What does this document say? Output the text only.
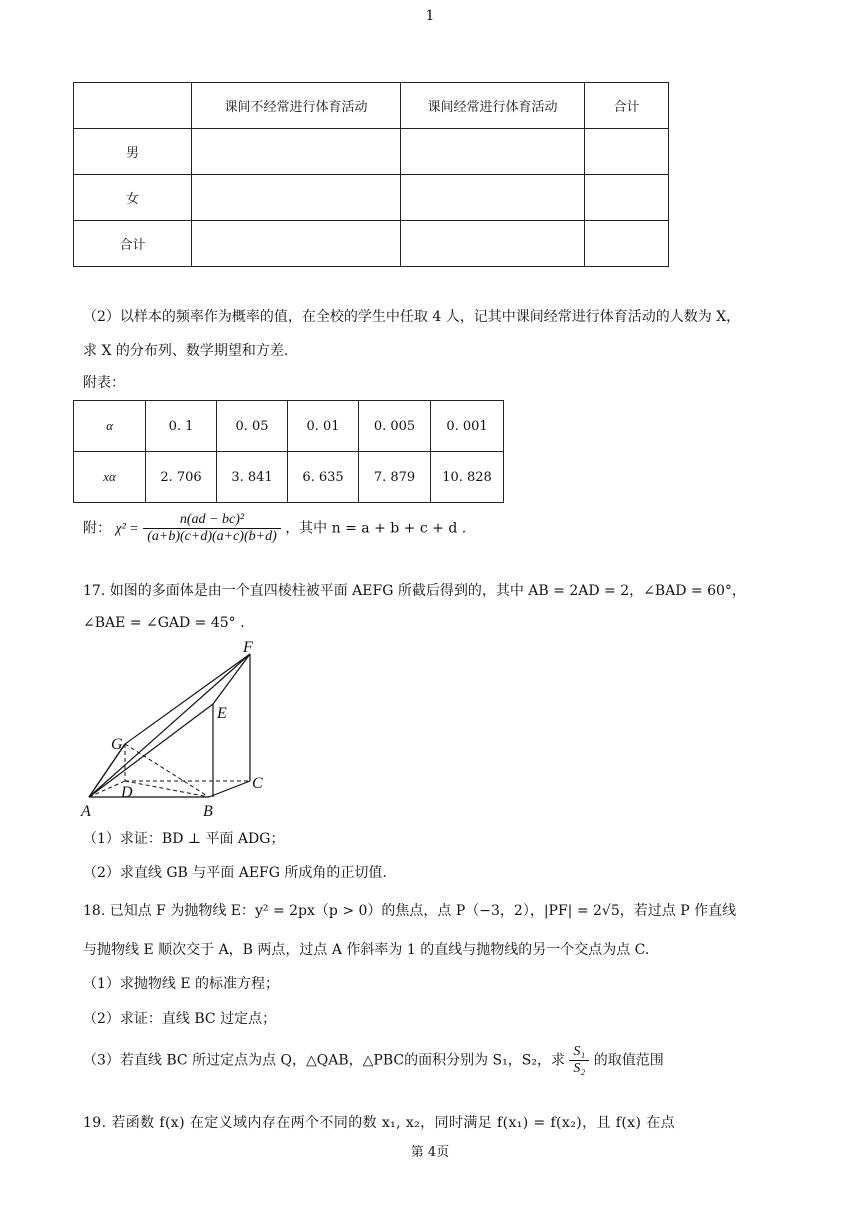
1
	课间不经常进行体育活动	课间经常进行体育活动	合计
男			
女			
合计			
（2）以样本的频率作为概率的值，在全校的学生中任取 4 人，记其中课间经常进行体育活动的人数为 X，
求 X 的分布列、数学期望和方差.
附表：
α	0. 1	0. 05	0. 01	0. 005	0. 001
xα	2. 706	3. 841	6. 635	7. 879	10. 828
附： $\chi^2 = \frac{\text{n(ad − bc)²}}{(a+b)(c+d)(a+c)(b+d)}$ ，其中 n = a + b + c + d .
17. 如图的多面体是由一个直四棱柱被平面 AEFG 所截后得到的，其中 AB = 2AD = 2，∠BAD = 60°，
∠BAE = ∠GAD = 45° .
F
E
G
D
C
A	B
（1）求证：BD ⊥ 平面 ADG；
（2）求直线 GB 与平面 AEFG 所成角的正切值.
18. 已知点 F 为抛物线 E：y² = 2px（p > 0）的焦点，点 P（−3，2），|PF| = 2√5，若过点 P 作直线
与抛物线 E 顺次交于 A，B 两点，过点 A 作斜率为 1 的直线与抛物线的另一个交点为点 C.
（1）求抛物线 E 的标准方程；
（2）求证：直线 BC 过定点；
（3）若直线 BC 所过定点为点 Q，△QAB，△PBC的面积分别为 S₁，S₂，求 $\frac{\text{S₁}}{\text{S₂}}$ 的取值范围
19. 若函数 f(x) 在定义域内存在两个不同的数 x₁, x₂，同时满足 f(x₁) = f(x₂)，且 f(x) 在点
第 4页
